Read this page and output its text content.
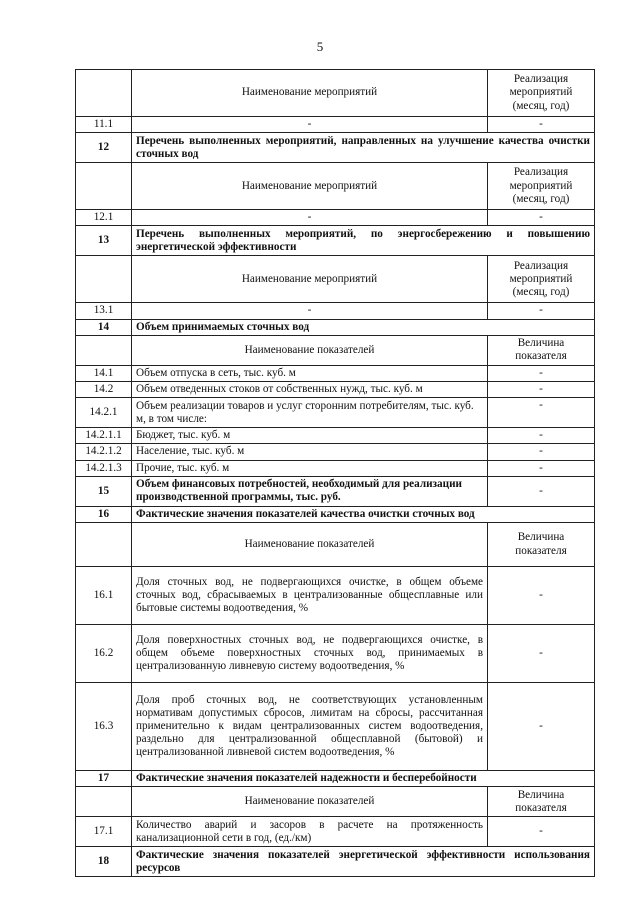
5
	Наименование мероприятий	Реализация мероприятий (месяц, год)
11.1	-	-
12	Перечень выполненных мероприятий, направленных на улучшение качества очистки сточных вод	
	Наименование мероприятий	Реализация мероприятий (месяц, год)
12.1	-	-
13	Перечень выполненных мероприятий, по энергосбережению и повышению энергетической эффективности	
	Наименование мероприятий	Реализация мероприятий (месяц, год)
13.1	-	-
14	Объем принимаемых сточных вод	
	Наименование показателей	Величина показателя
14.1	Объем отпуска в сеть, тыс. куб. м	-
14.2	Объем отведенных стоков от собственных нужд, тыс. куб. м	-
14.2.1	Объем реализации товаров и услуг сторонним потребителям, тыс. куб. м, в том числе:	-
14.2.1.1	Бюджет, тыс. куб. м	-
14.2.1.2	Население, тыс. куб. м	-
14.2.1.3	Прочие, тыс. куб. м	-
15	Объем финансовых потребностей, необходимый для реализации производственной программы, тыс. руб.	-
16	Фактические значения показателей качества очистки сточных вод	
	Наименование показателей	Величина показателя
16.1	Доля сточных вод, не подвергающихся очистке, в общем объеме сточных вод, сбрасываемых в централизованные общесплавные или бытовые системы водоотведения, %	-
16.2	Доля поверхностных сточных вод, не подвергающихся очистке, в общем объеме поверхностных сточных вод, принимаемых в централизованную ливневую систему водоотведения, %	-
16.3	Доля проб сточных вод, не соответствующих установленным нормативам допустимых сбросов, лимитам на сбросы, рассчитанная применительно к видам централизованных систем водоотведения, раздельно для централизованной общесплавной (бытовой) и централизованной ливневой систем водоотведения, %	-
17	Фактические значения показателей надежности и бесперебойности	
	Наименование показателей	Величина показателя
17.1	Количество аварий и засоров в расчете на протяженность канализационной сети в год, (ед./км)	-
18	Фактические значения показателей энергетической эффективности использования ресурсов	
